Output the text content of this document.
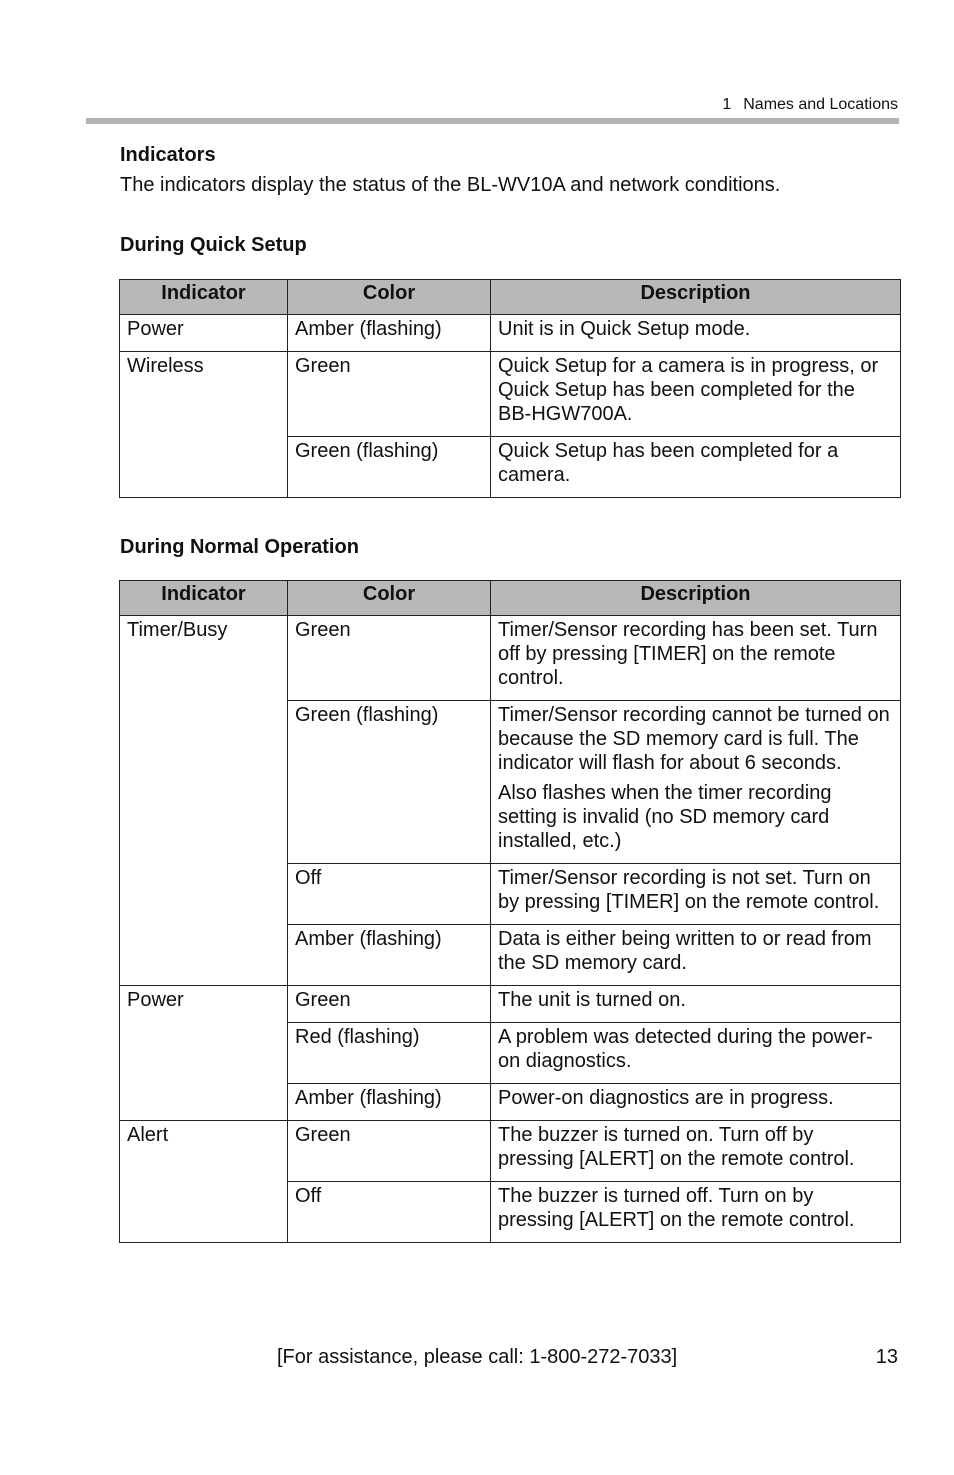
1 Names and Locations
Indicators
The indicators display the status of the BL-WV10A and network conditions.
During Quick Setup
Indicator	Color	Description
Power	Amber (flashing)	Unit is in Quick Setup mode.

Wireless	Green	Quick Setup for a camera is in progress, or Quick Setup has been completed for the BB-HGW700A.

	Green (flashing)	Quick Setup has been completed for a camera.

During Normal Operation
Indicator	Color	Description
Timer/Busy	Green	Timer/Sensor recording has been set. Turn off by pressing [TIMER] on the remote control.

	Green (flashing)	Timer/Sensor recording cannot be turned on because the SD memory card is full. The indicator will flash for about 6 seconds.

Also flashes when the timer recording setting is invalid (no SD memory card installed, etc.)

	Off	Timer/Sensor recording is not set. Turn on by pressing [TIMER] on the remote control.

	Amber (flashing)	Data is either being written to or read from the SD memory card.

Power	Green	The unit is turned on.

	Red (flashing)	A problem was detected during the power-on diagnostics.

	Amber (flashing)	Power-on diagnostics are in progress.

Alert	Green	The buzzer is turned on. Turn off by pressing [ALERT] on the remote control.

	Off	The buzzer is turned off. Turn on by pressing [ALERT] on the remote control.

[For assistance, please call: 1-800-272-7033]	13
